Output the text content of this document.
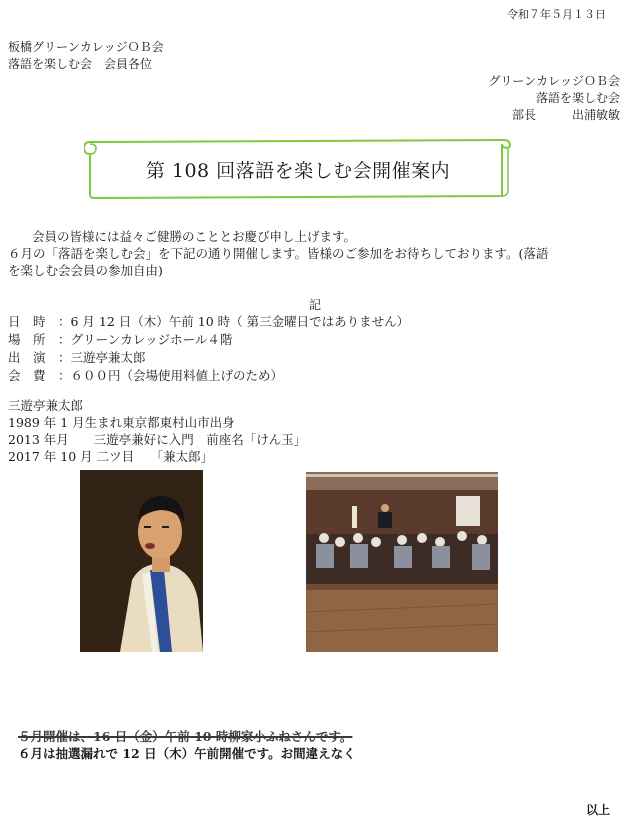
令和７年５月１３日
板橋グリーンカレッジＯＢ会
落語を楽しむ会　会員各位
グリーンカレッジＯＢ会
落語を楽しむ会
部長　　　出浦敏敏
第 108 回落語を楽しむ会開催案内
会員の皆様には益々ご健勝のこととお慶び申し上げます。
６月の「落語を楽しむ会」を下記の通り開催します。皆様のご参加をお待ちしております。(落語
を楽しむ会会員の参加自由)
記
日　時 ：6 月 12 日（木）午前 10 時（ 第三金曜日ではありません）
場　所 ：グリーンカレッジホール４階
出　演 ：三遊亭兼太郎
会　費 ：６００円（会場使用料値上げのため）
三遊亭兼太郎
1989 年 1 月生まれ東京都東村山市出身
2013 年月　　三遊亭兼好に入門　前座名「けん玉」
2017 年 10 月 二ツ目　 「兼太郎」
５月開催は、16 日（金）午前 10 時柳家小ふねさんです。
６月は抽選漏れで 12 日（木）午前開催です。お間違えなく
以上
